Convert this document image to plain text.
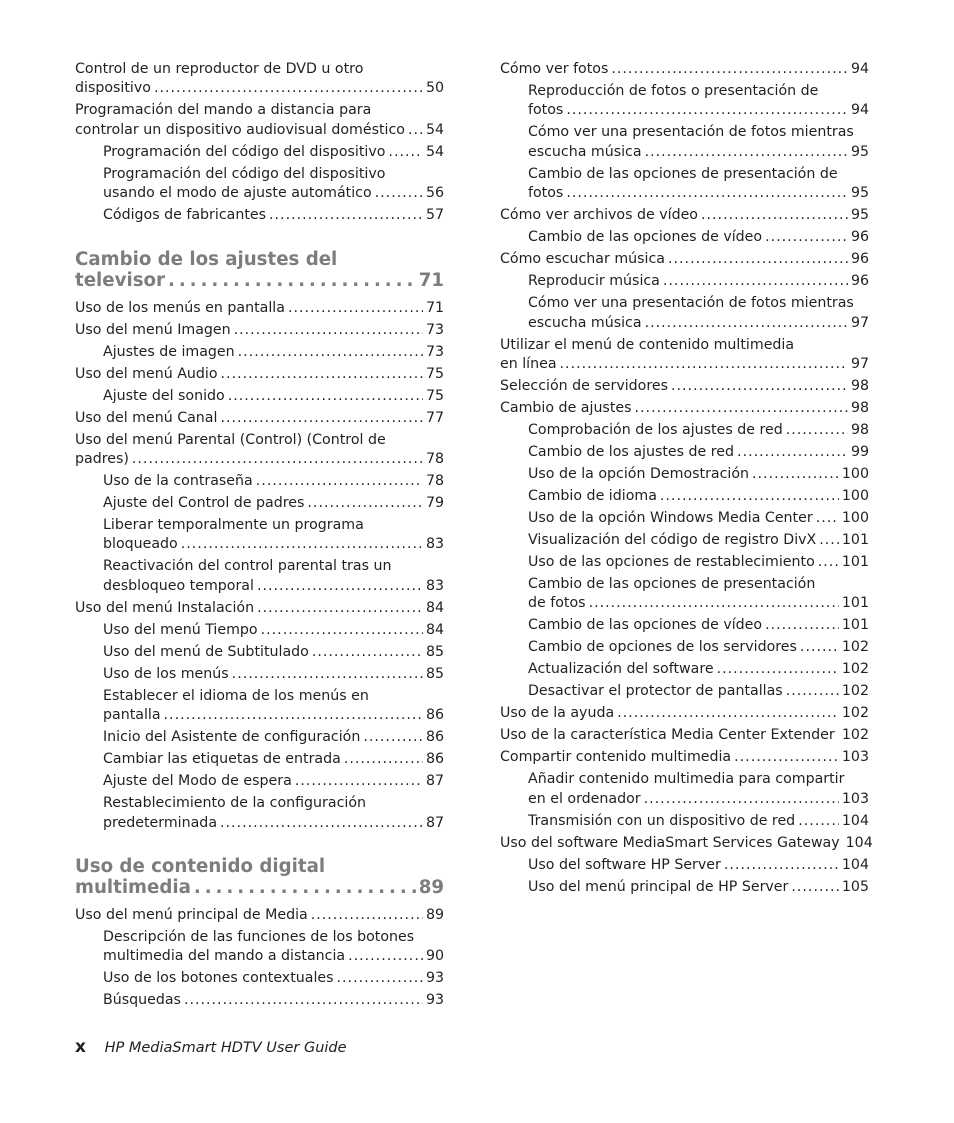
Control de un reproductor de DVD u otro
dispositivo . . .	50
Programación del mando a distancia para
controlar un dispositivo audiovisual doméstico . . . 54
Programación del código del dispositivo . . .	54
Programación del código del dispositivo
usando el modo de ajuste automático . . .	56
Códigos de fabricantes . . .	57
Cambio de los ajustes del
televisor . . .	71
Uso de los menús en pantalla . . .	71
Uso del menú Imagen . . .	73
Ajustes de imagen . . .	73
Uso del menú Audio . . .	75
Ajuste del sonido . . .	75
Uso del menú Canal . . .	77
Uso del menú Parental (Control) (Control de
padres) . . .	78
Uso de la contraseña . . .	78
Ajuste del Control de padres . . .	79
Liberar temporalmente un programa
bloqueado . . .	83
Reactivación del control parental tras un
desbloqueo temporal . . .	83
Uso del menú Instalación . . .	84
Uso del menú Tiempo . . .	84
Uso del menú de Subtitulado . . .	85
Uso de los menús . . .	85
Establecer el idioma de los menús en
pantalla . . .	86
Inicio del Asistente de configuración . . .	86
Cambiar las etiquetas de entrada . . .	86
Ajuste del Modo de espera . . .	87
Restablecimiento de la configuración
predeterminada . . .	87
Uso de contenido digital
multimedia . . .	89
Uso del menú principal de Media . . .	89
Descripción de las funciones de los botones
multimedia del mando a distancia . . .	90
Uso de los botones contextuales . . .	93
Búsquedas . . .	93
Cómo ver fotos . . .	94
Reproducción de fotos o presentación de
fotos . . .	94
Cómo ver una presentación de fotos mientras
escucha música . . .	95
Cambio de las opciones de presentación de
fotos . . .	95
Cómo ver archivos de vídeo . . .	95
Cambio de las opciones de vídeo . . .	96
Cómo escuchar música . . .	96
Reproducir música . . .	96
Cómo ver una presentación de fotos mientras
escucha música . . .	97
Utilizar el menú de contenido multimedia
en línea . . .	97
Selección de servidores . . .	98
Cambio de ajustes . . .	98
Comprobación de los ajustes de red . . .	98
Cambio de los ajustes de red . . .	99
Uso de la opción Demostración . . .	100
Cambio de idioma . . .	100
Uso de la opción Windows Media Center . . . 100
Visualización del código de registro DivX . . . 101
Uso de las opciones de restablecimiento . . . 101
Cambio de las opciones de presentación
de fotos . . .	101
Cambio de las opciones de vídeo . . .	101
Cambio de opciones de los servidores . . .	102
Actualización del software . . .	102
Desactivar el protector de pantallas . . .	102
Uso de la ayuda . . .	102
Uso de la característica Media Center Extender . . . 102
Compartir contenido multimedia . . .	103
Añadir contenido multimedia para compartir
en el ordenador . . .	103
Transmisión con un dispositivo de red . . .	104
Uso del software MediaSmart Services Gateway 104
Uso del software HP Server . . .	104
Uso del menú principal de HP Server . . .	105
x HP MediaSmart HDTV User Guide
